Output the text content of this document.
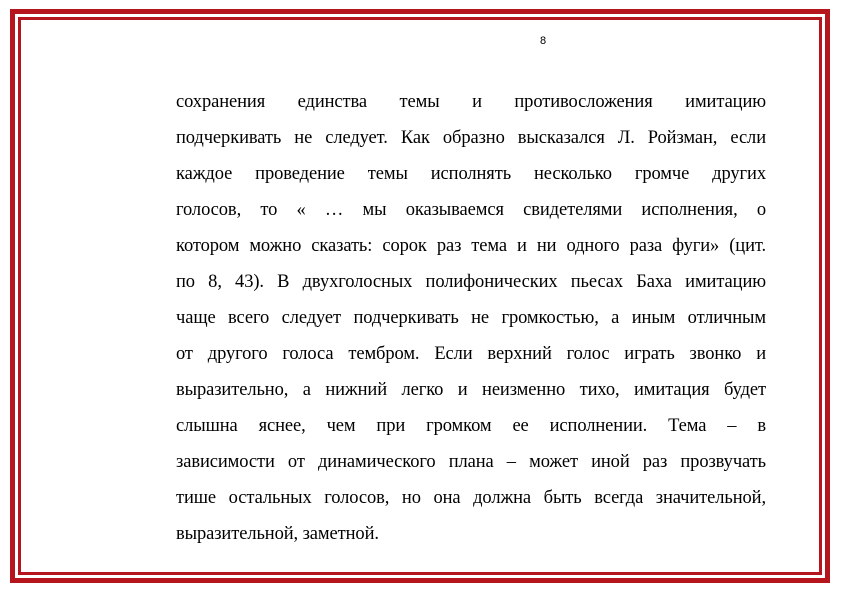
8
сохранения единства темы и противосложения имитацию
подчеркивать не следует. Как образно высказался Л. Ройзман, если
каждое проведение темы исполнять несколько громче других
голосов, то « … мы оказываемся свидетелями исполнения, о
котором можно сказать: сорок раз тема и ни одного раза фуги» (цит.
по 8, 43). В двухголосных полифонических пьесах Баха имитацию
чаще всего следует подчеркивать не громкостью, а иным отличным
от другого голоса тембром. Если верхний голос играть звонко и
выразительно, а нижний легко и неизменно тихо, имитация будет
слышна яснее, чем при громком ее исполнении. Тема – в
зависимости от динамического плана – может иной раз прозвучать
тише остальных голосов, но она должна быть всегда значительной,
выразительной, заметной.
